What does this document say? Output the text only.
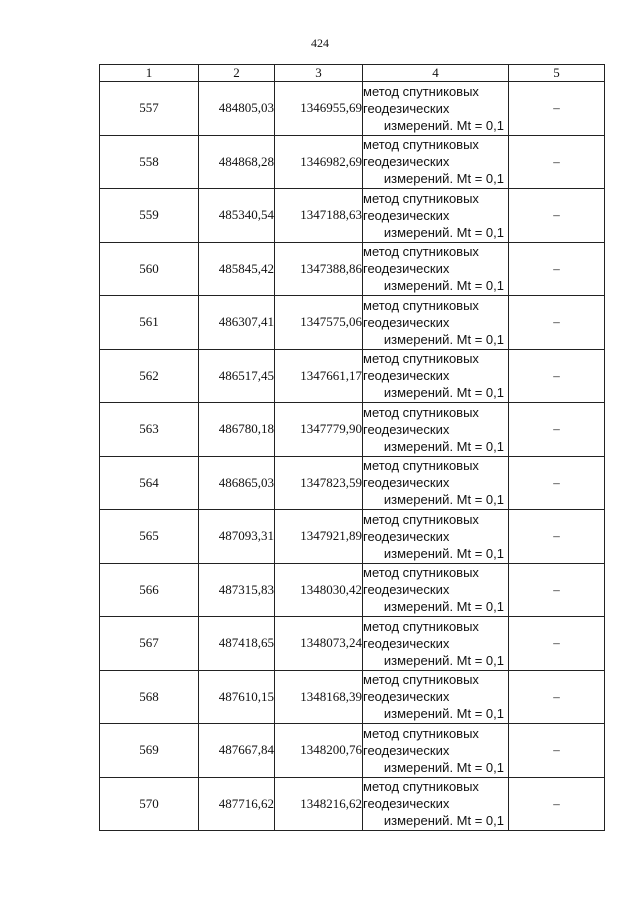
424
1	2	3	4	5
557	484805,03	1346955,69	метод спутниковых
геодезических
измерений. Mt = 0,1	–
558	484868,28	1346982,69	метод спутниковых
геодезических
измерений. Mt = 0,1	–
559	485340,54	1347188,63	метод спутниковых
геодезических
измерений. Mt = 0,1	–
560	485845,42	1347388,86	метод спутниковых
геодезических
измерений. Mt = 0,1	–
561	486307,41	1347575,06	метод спутниковых
геодезических
измерений. Mt = 0,1	–
562	486517,45	1347661,17	метод спутниковых
геодезических
измерений. Mt = 0,1	–
563	486780,18	1347779,90	метод спутниковых
геодезических
измерений. Mt = 0,1	–
564	486865,03	1347823,59	метод спутниковых
геодезических
измерений. Mt = 0,1	–
565	487093,31	1347921,89	метод спутниковых
геодезических
измерений. Mt = 0,1	–
566	487315,83	1348030,42	метод спутниковых
геодезических
измерений. Mt = 0,1	–
567	487418,65	1348073,24	метод спутниковых
геодезических
измерений. Mt = 0,1	–
568	487610,15	1348168,39	метод спутниковых
геодезических
измерений. Mt = 0,1	–
569	487667,84	1348200,76	метод спутниковых
геодезических
измерений. Mt = 0,1	–
570	487716,62	1348216,62	метод спутниковых
геодезических
измерений. Mt = 0,1	–
